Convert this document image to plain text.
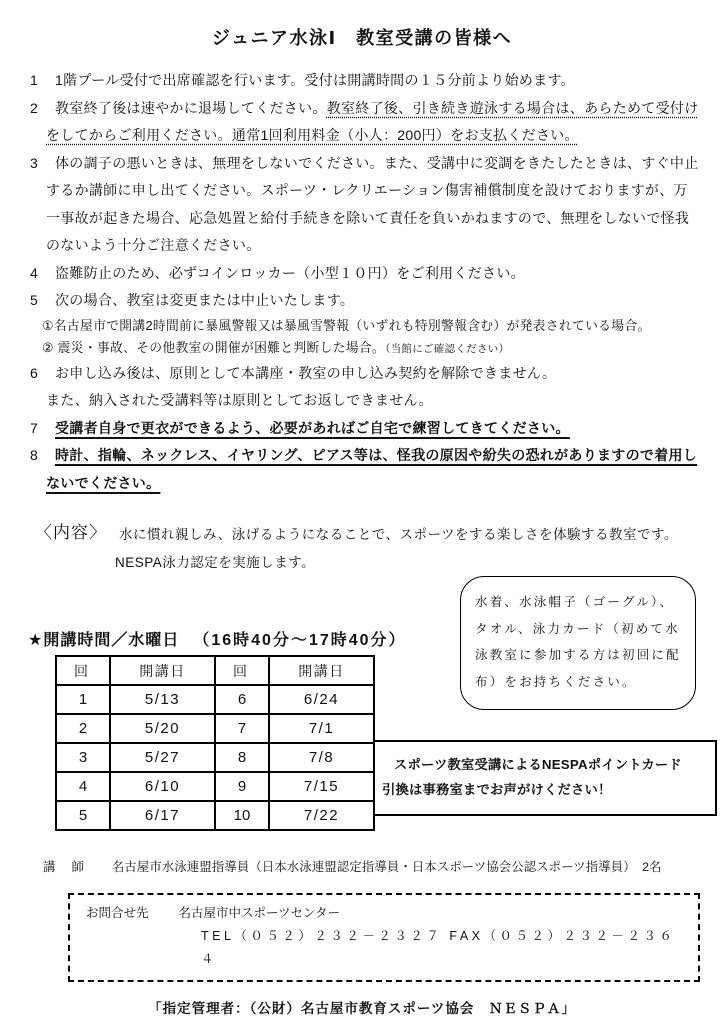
ジュニア水泳Ⅰ　教室受講の皆様へ
1 1階プール受付で出席確認を行います。受付は開講時間の１５分前より始めます。
2 教室終了後は速やかに退場してください。教室終了後、引き続き遊泳する場合は、あらためて受付けをしてからご利用ください。通常1回利用料金（小人：200円）をお支払ください。
3 体の調子の悪いときは、無理をしないでください。また、受講中に変調をきたしたときは、すぐ中止するか講師に申し出てください。スポーツ・レクリエーション傷害補償制度を設けておりますが、万一事故が起きた場合、応急処置と給付手続きを除いて責任を負いかねますので、無理をしないで怪我のないよう十分ご注意ください。
4 盗難防止のため、必ずコインロッカー（小型１０円）をご利用ください。
5 次の場合、教室は変更または中止いたします。
①名古屋市で開講2時間前に暴風警報又は暴風雪警報（いずれも特別警報含む）が発表されている場合。
② 震災・事故、その他教室の開催が困難と判断した場合。（当館にご確認ください）
6	お申し込み後は、原則として本講座・教室の申し込み契約を解除できません。
また、納入された受講料等は原則としてお返しできません。
7 受講者自身で更衣ができるよう、必要があればご自宅で練習してきてください。
8 時計、指輪、ネックレス、イヤリング、ピアス等は、怪我の原因や紛失の恐れがありますので着用しないでください。
〈内容〉 水に慣れ親しみ、泳げるようになることで、スポーツをする楽しさを体験する教室です。
NESPA泳力認定を実施します。
水着、水泳帽子（ゴーグル）、タオル、泳力カード（初めて水泳教室に参加する方は初回に配布）をお持ちください。
★開講時間／水曜日 （16時40分～17時40分）
回	開講日	回	開講日
1	5/13	6	6/24
2	5/20	7	7/1
3	5/27	8	7/8
4	6/10	9	7/15
5	6/17	10	7/22
スポーツ教室受講によるNESPAポイントカード
引換は事務室までお声がけください！
講　師 名古屋市水泳連盟指導員（日本水泳連盟認定指導員・日本スポーツ協会公認スポーツ指導員）　2名
お問合せ先 名古屋市中スポーツセンター
TEL（０５２）２３２－２３２７ FAX（０５２）２３２－２３６４
「指定管理者：（公財）名古屋市教育スポーツ協会　ＮＥＳＰＡ」
